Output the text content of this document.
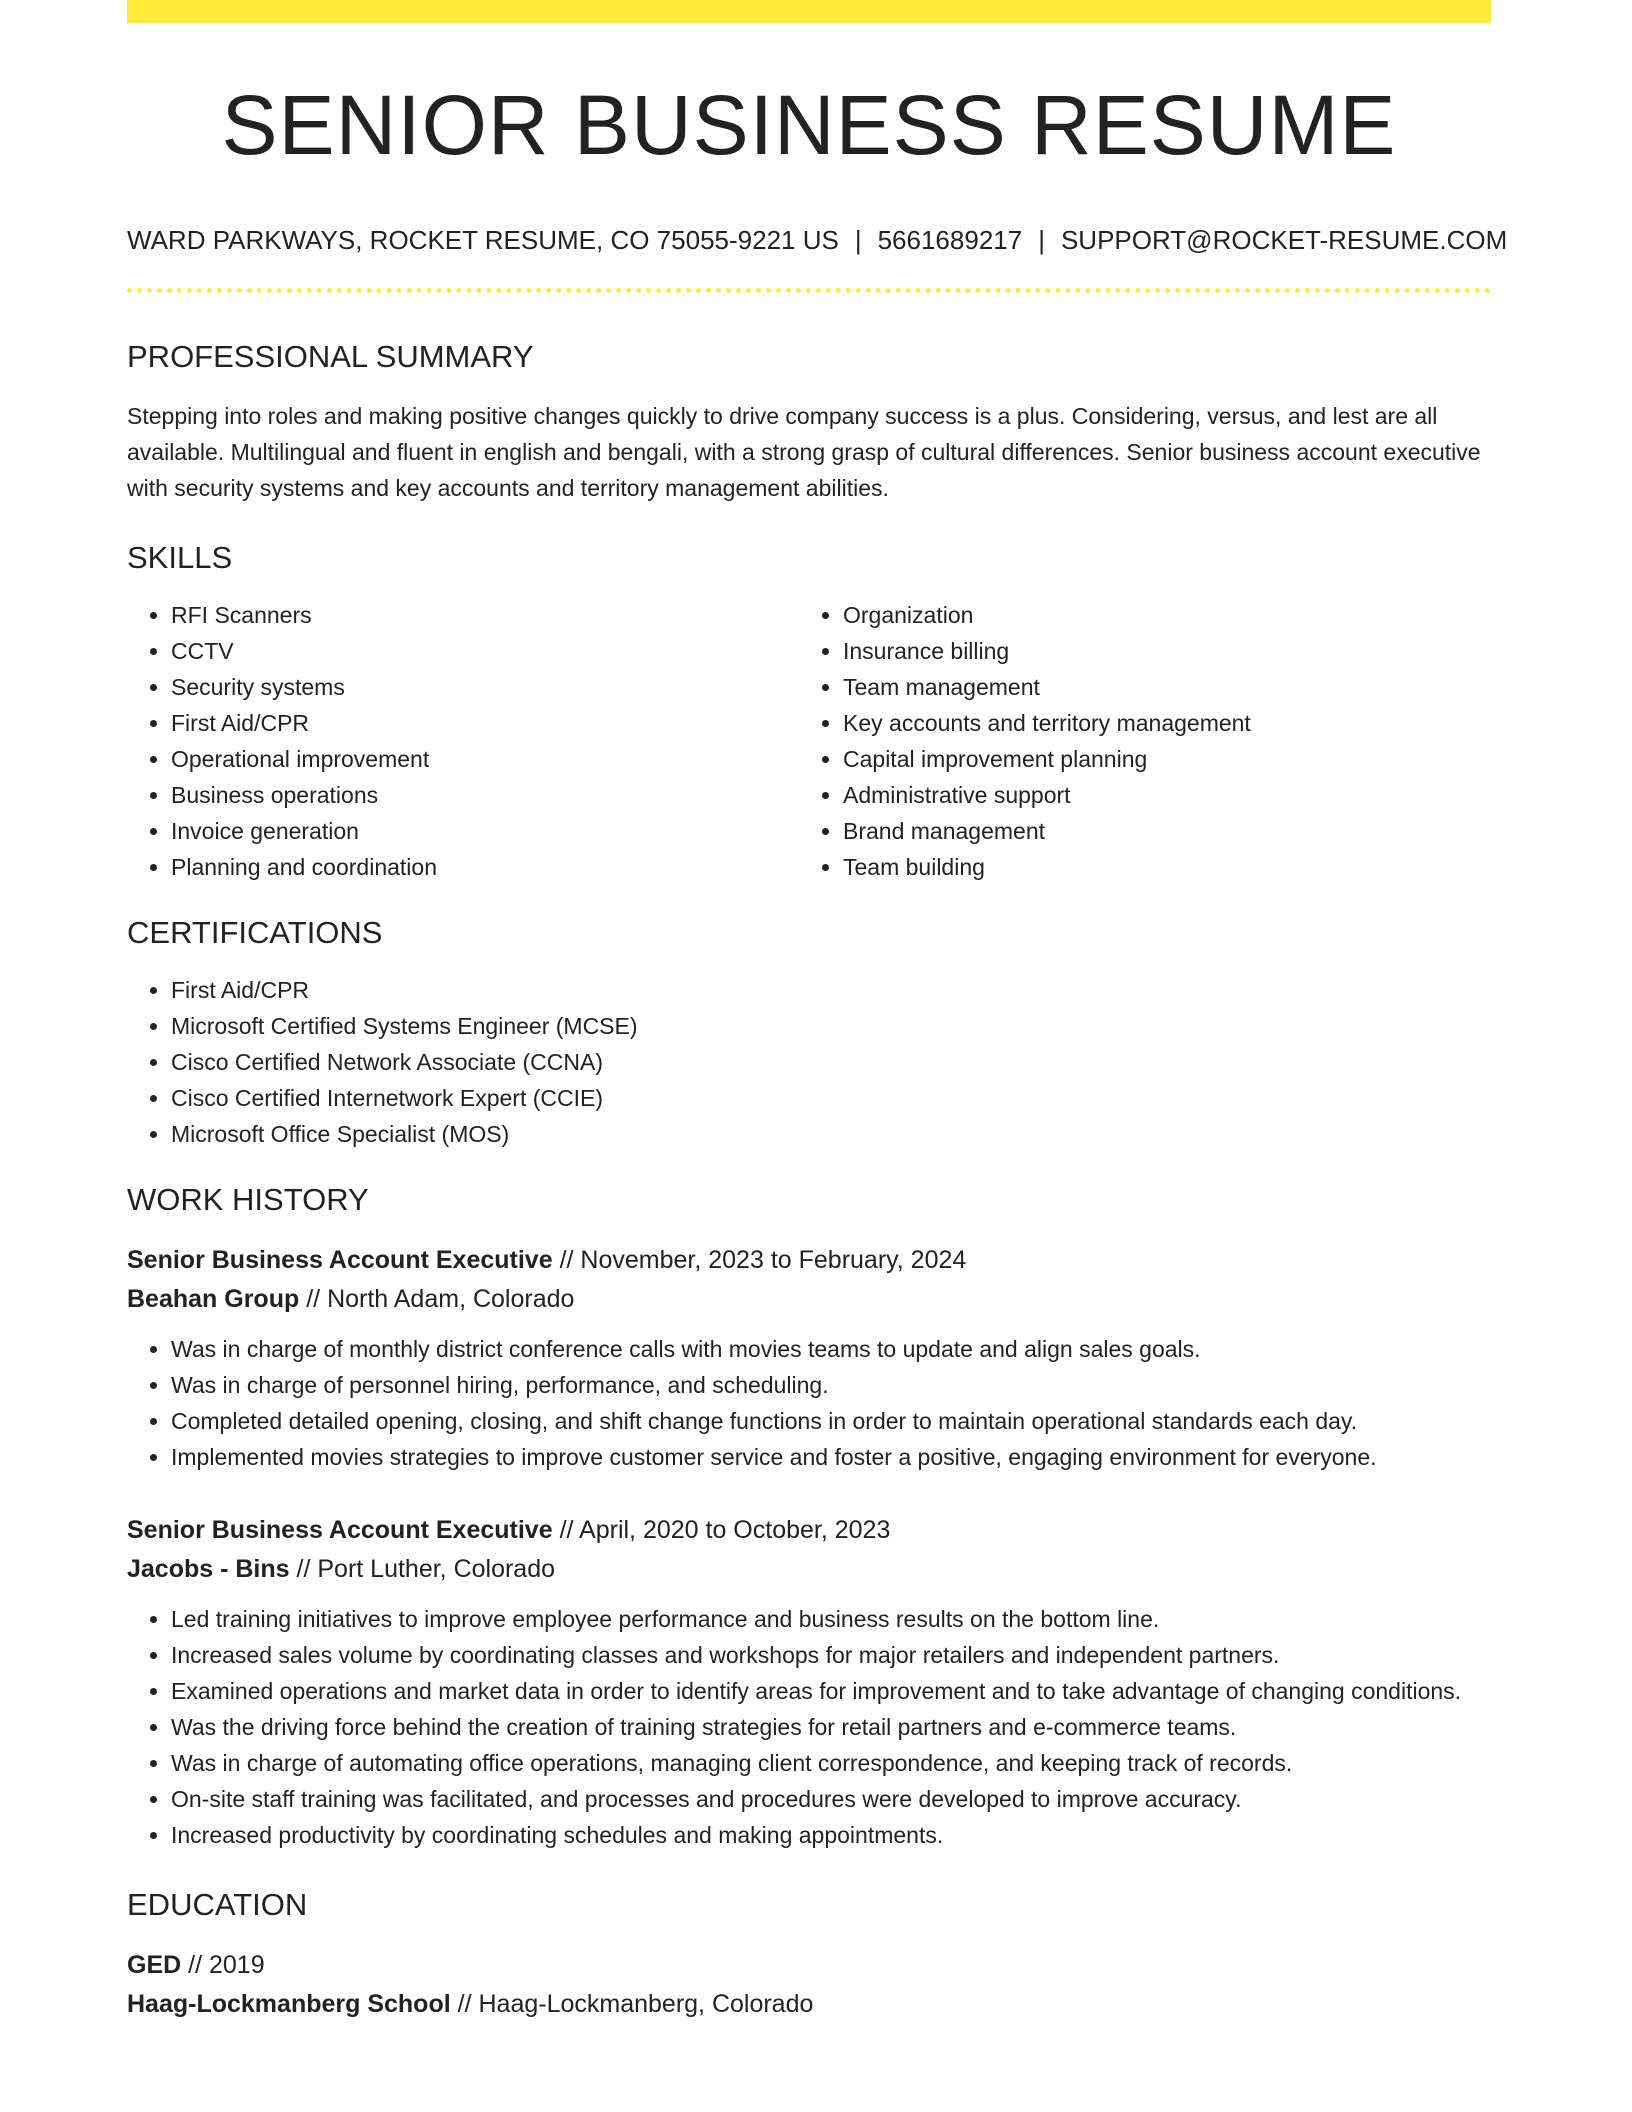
SENIOR BUSINESS RESUME
WARD PARKWAYS, ROCKET RESUME, CO 75055-9221 US | 5661689217 | SUPPORT@ROCKET-RESUME.COM
PROFESSIONAL SUMMARY

Stepping into roles and making positive changes quickly to drive company success is a plus. Considering, versus, and lest are all available. Multilingual and fluent in english and bengali, with a strong grasp of cultural differences. Senior business account executive with security systems and key accounts and territory management abilities.

SKILLS
• RFI Scanners
• CCTV
• Security systems
• First Aid/CPR
• Operational improvement
• Business operations
• Invoice generation
• Planning and coordination
• Organization
• Insurance billing
• Team management
• Key accounts and territory management
• Capital improvement planning
• Administrative support
• Brand management
• Team building
CERTIFICATIONS
• First Aid/CPR
• Microsoft Certified Systems Engineer (MCSE)
• Cisco Certified Network Associate (CCNA)
• Cisco Certified Internetwork Expert (CCIE)
• Microsoft Office Specialist (MOS)
WORK HISTORY
Senior Business Account Executive // November, 2023 to February, 2024
Beahan Group // North Adam, Colorado
• Was in charge of monthly district conference calls with movies teams to update and align sales goals.
• Was in charge of personnel hiring, performance, and scheduling.
• Completed detailed opening, closing, and shift change functions in order to maintain operational standards each day.
• Implemented movies strategies to improve customer service and foster a positive, engaging environment for everyone.
Senior Business Account Executive // April, 2020 to October, 2023
Jacobs - Bins // Port Luther, Colorado
• Led training initiatives to improve employee performance and business results on the bottom line.
• Increased sales volume by coordinating classes and workshops for major retailers and independent partners.
• Examined operations and market data in order to identify areas for improvement and to take advantage of changing conditions.
• Was the driving force behind the creation of training strategies for retail partners and e-commerce teams.
• Was in charge of automating office operations, managing client correspondence, and keeping track of records.
• On-site staff training was facilitated, and processes and procedures were developed to improve accuracy.
• Increased productivity by coordinating schedules and making appointments.
EDUCATION
GED // 2019
Haag-Lockmanberg School // Haag-Lockmanberg, Colorado
